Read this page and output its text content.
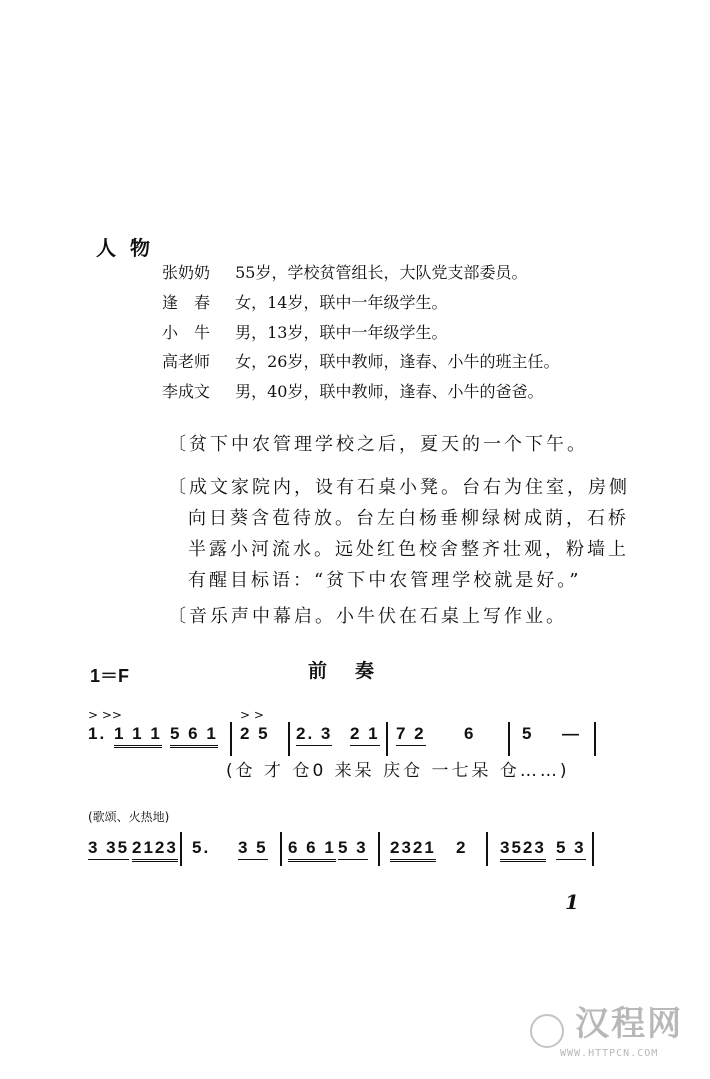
人物
张奶奶 55岁，学校贫管组长，大队党支部委员。
逢　春 女，14岁，联中一年级学生。
小　牛 男，13岁，联中一年级学生。
高老师 女，26岁，联中教师，逢春、小牛的班主任。
李成文 男，40岁，联中教师，逢春、小牛的爸爸。
〔贫下中农管理学校之后，夏天的一个下午。
〔成文家院内，设有石桌小凳。台右为住室，房侧
向日葵含苞待放。台左白杨垂柳绿树成荫，石桥
半露小河流水。远处红色校舍整齐壮观，粉墙上
有醒目标语：“贫下中农管理学校就是好。”
〔音乐声中幕启。小牛伏在石桌上写作业。
1＝F	前奏
> >>	> >
1. 1 1 1 5 6 1 2 5 2. 3 2 1 7 2 6	5 —
(仓 才 仓0 来呆 庆仓 一七呆 仓……)
(歌颂、火热地)
3 35 2123 5. 3 5 6 6 1 5 3 2321 2 3523 5 3
1
汉程网
WWW.HTTPCN.COM
